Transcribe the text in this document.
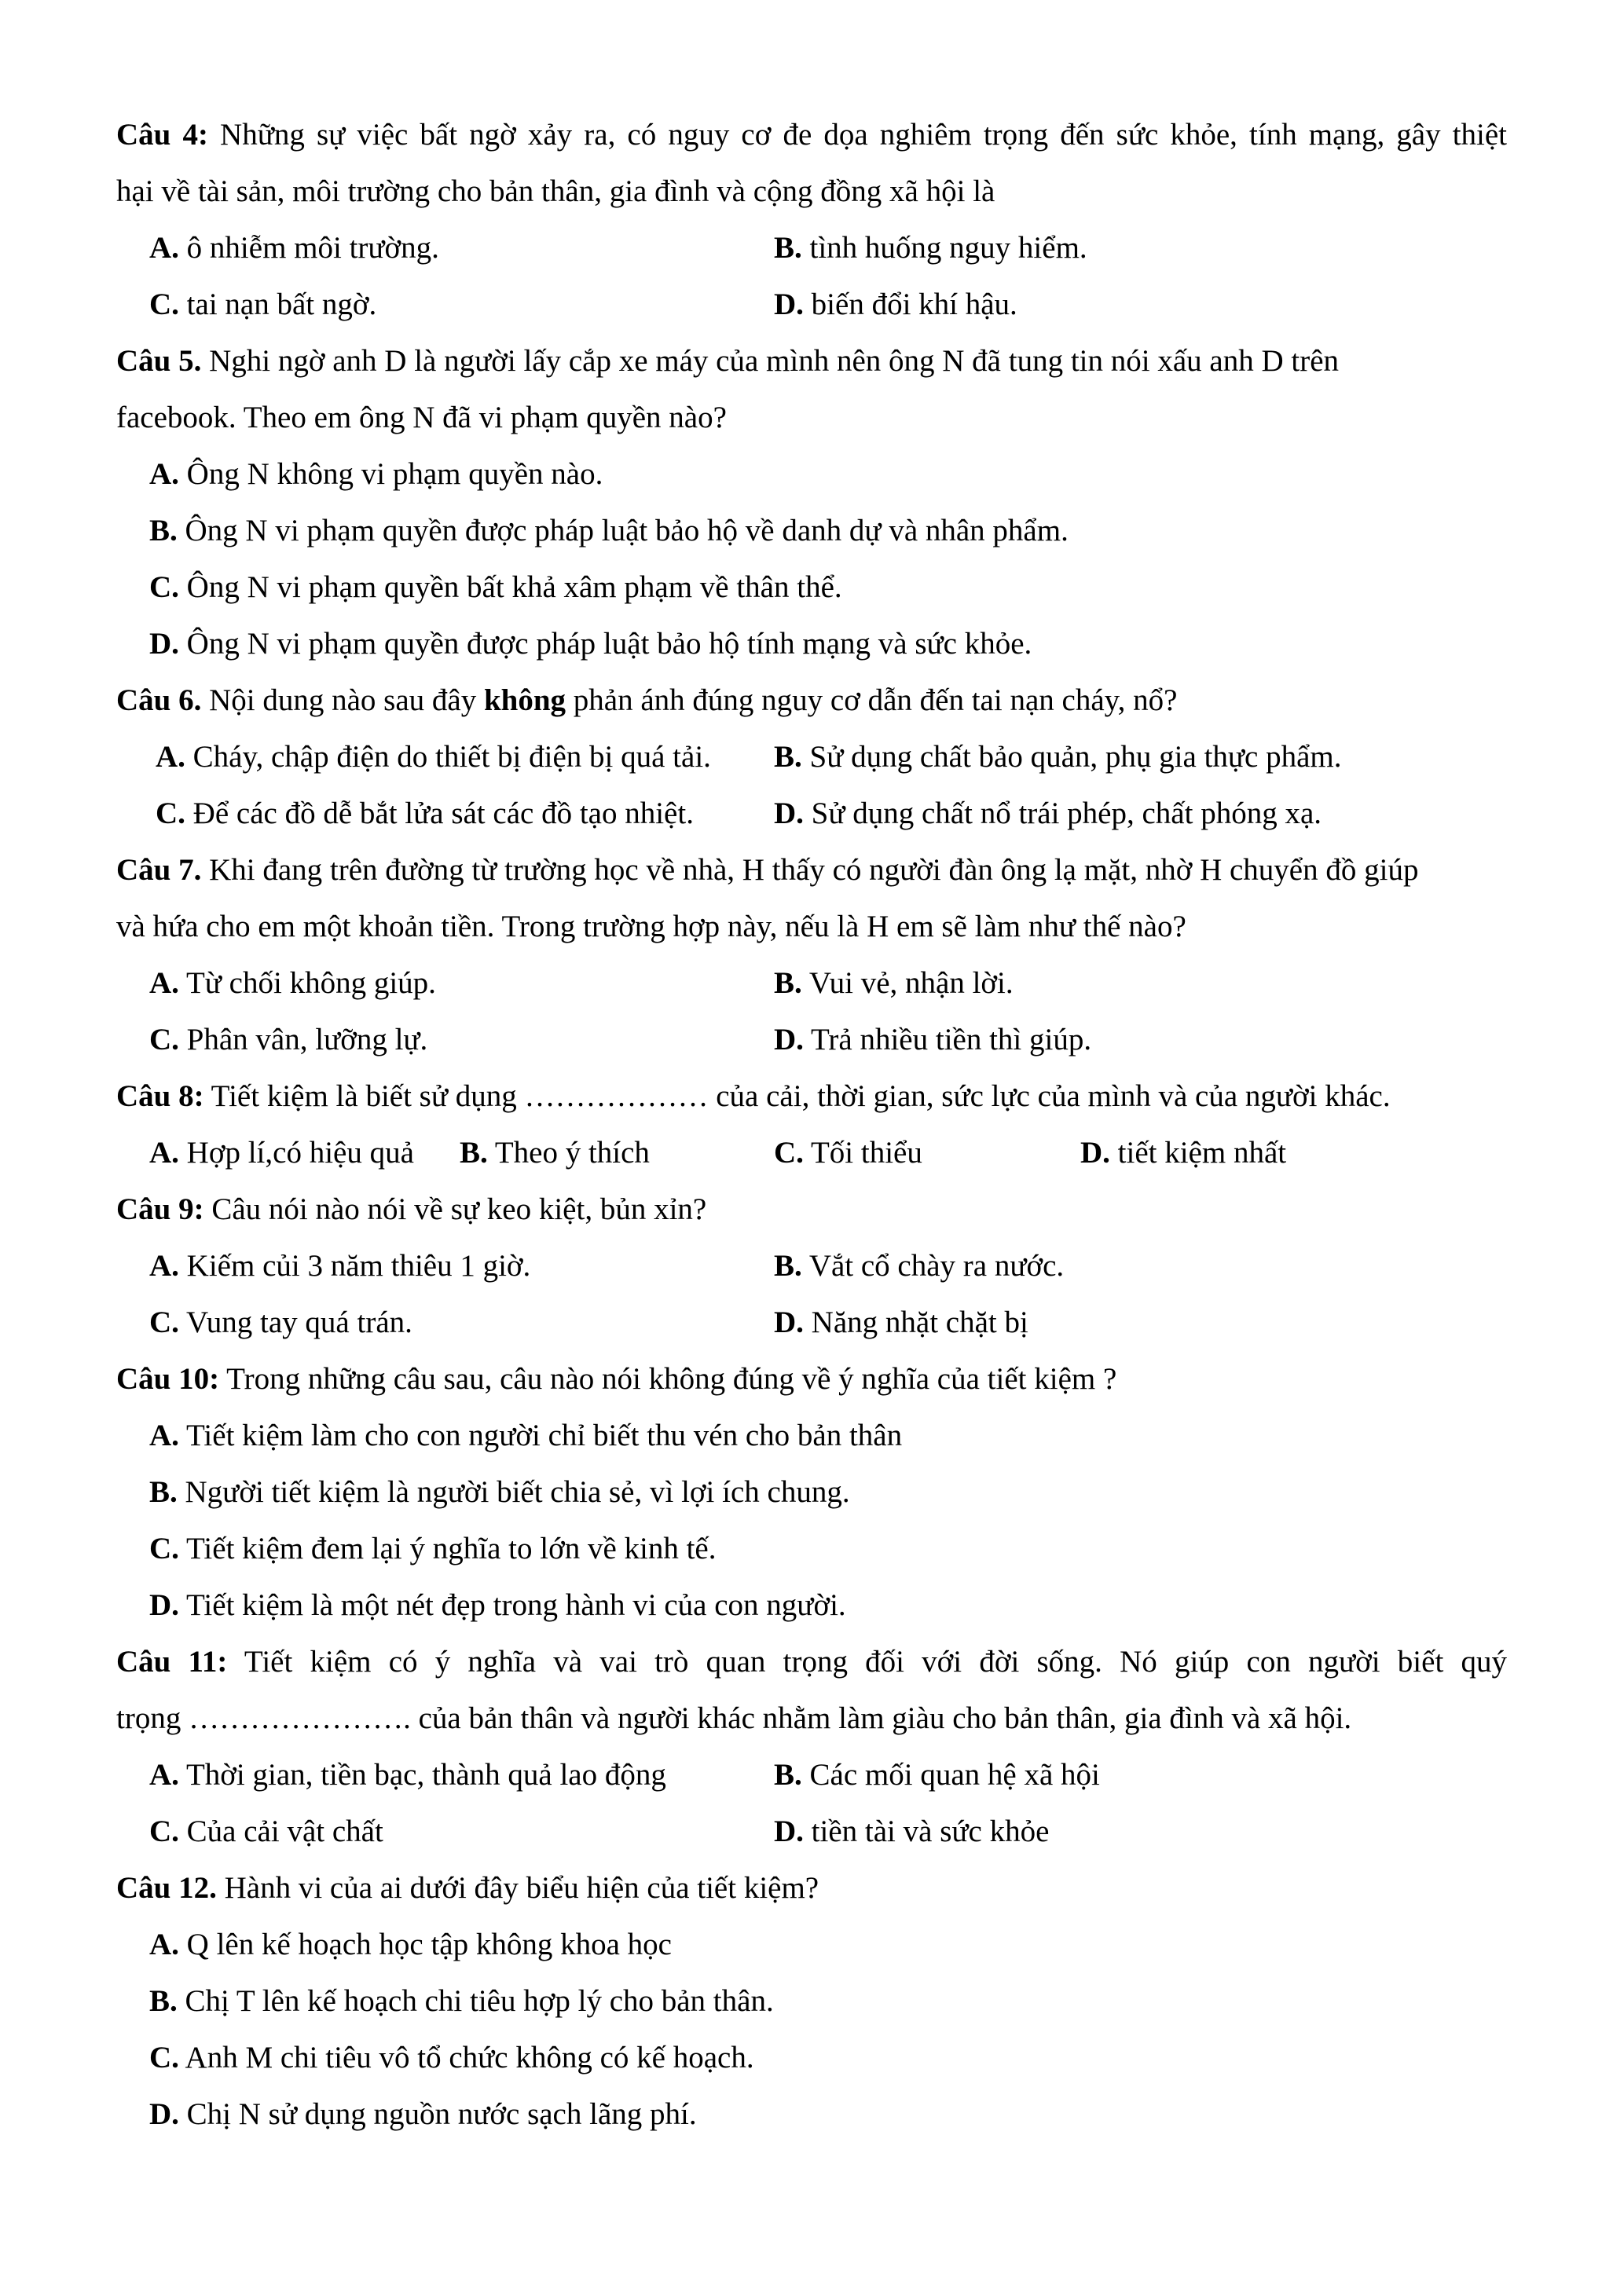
Câu 4: Những sự việc bất ngờ xảy ra, có nguy cơ đe dọa nghiêm trọng đến sức khỏe, tính mạng, gây thiệt
hại về tài sản, môi trường cho bản thân, gia đình và cộng đồng xã hội là
A. ô nhiễm môi trường.	B. tình huống nguy hiểm.
C. tai nạn bất ngờ.	D. biến đổi khí hậu.
Câu 5. Nghi ngờ anh D là người lấy cắp xe máy của mình nên ông N đã tung tin nói xấu anh D trên
facebook. Theo em ông N đã vi phạm quyền nào?
A. Ông N không vi phạm quyền nào.
B. Ông N vi phạm quyền được pháp luật bảo hộ về danh dự và nhân phẩm.
C. Ông N vi phạm quyền bất khả xâm phạm về thân thể.
D. Ông N vi phạm quyền được pháp luật bảo hộ tính mạng và sức khỏe.
Câu 6. Nội dung nào sau đây không phản ánh đúng nguy cơ dẫn đến tai nạn cháy, nổ?
A. Cháy, chập điện do thiết bị điện bị quá tải. B. Sử dụng chất bảo quản, phụ gia thực phẩm.
C. Để các đồ dễ bắt lửa sát các đồ tạo nhiệt.	D. Sử dụng chất nổ trái phép, chất phóng xạ.
Câu 7. Khi đang trên đường từ trường học về nhà, H thấy có người đàn ông lạ mặt, nhờ H chuyển đồ giúp
và hứa cho em một khoản tiền. Trong trường hợp này, nếu là H em sẽ làm như thế nào?
A. Từ chối không giúp.	B. Vui vẻ, nhận lời.
C. Phân vân, lưỡng lự.	D. Trả nhiều tiền thì giúp.
Câu 8: Tiết kiệm là biết sử dụng ……………… của cải, thời gian, sức lực của mình và của người khác.
A. Hợp lí,có hiệu quả B. Theo ý thích	C. Tối thiểu	D. tiết kiệm nhất
Câu 9: Câu nói nào nói về sự keo kiệt, bủn xỉn?
A. Kiếm củi 3 năm thiêu 1 giờ.	B. Vắt cổ chày ra nước.
C. Vung tay quá trán.	D. Năng nhặt chặt bị
Câu 10: Trong những câu sau, câu nào nói không đúng về ý nghĩa của tiết kiệm ?
A. Tiết kiệm làm cho con người chỉ biết thu vén cho bản thân
B. Người tiết kiệm là người biết chia sẻ, vì lợi ích chung.
C. Tiết kiệm đem lại ý nghĩa to lớn về kinh tế.
D. Tiết kiệm là một nét đẹp trong hành vi của con người.
Câu 11: Tiết kiệm có ý nghĩa và vai trò quan trọng đối với đời sống. Nó giúp con người biết quý
trọng …………………. của bản thân và người khác nhằm làm giàu cho bản thân, gia đình và xã hội.
A. Thời gian, tiền bạc, thành quả lao động	B. Các mối quan hệ xã hội
C. Của cải vật chất	D. tiền tài và sức khỏe
Câu 12. Hành vi của ai dưới đây biểu hiện của tiết kiệm?
A. Q lên kế hoạch học tập không khoa học
B. Chị T lên kế hoạch chi tiêu hợp lý cho bản thân.
C. Anh M chi tiêu vô tổ chức không có kế hoạch.
D. Chị N sử dụng nguồn nước sạch lãng phí.
